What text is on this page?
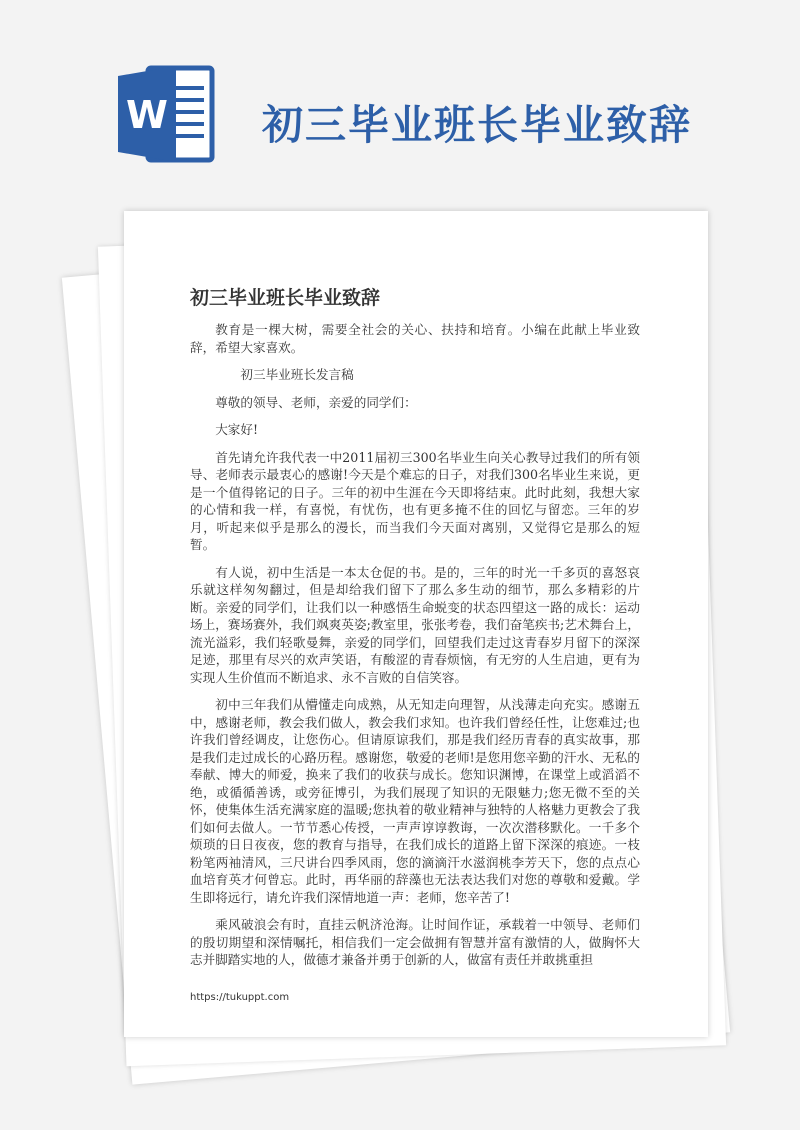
W 初三毕业班长毕业致辞
初三毕业班长毕业致辞

教育是一棵大树，需要全社会的关心、扶持和培育。小编在此献上毕业致辞，希望大家喜欢。

初三毕业班长发言稿

尊敬的领导、老师，亲爱的同学们：

大家好!

首先请允许我代表一中2011届初三300名毕业生向关心教导过我们的所有领导、老师表示最衷心的感谢!今天是个难忘的日子，对我们300名毕业生来说，更是一个值得铭记的日子。三年的初中生涯在今天即将结束。此时此刻，我想大家的心情和我一样，有喜悦，有忧伤，也有更多掩不住的回忆与留恋。三年的岁月，听起来似乎是那么的漫长，而当我们今天面对离别，又觉得它是那么的短暂。

有人说，初中生活是一本太仓促的书。是的，三年的时光一千多页的喜怒哀乐就这样匆匆翻过，但是却给我们留下了那么多生动的细节，那么多精彩的片断。亲爱的同学们，让我们以一种感悟生命蜕变的状态四望这一路的成长：运动场上，赛场赛外，我们飒爽英姿;教室里，张张考卷，我们奋笔疾书;艺术舞台上，流光溢彩，我们轻歌曼舞，亲爱的同学们，回望我们走过这青春岁月留下的深深足迹，那里有尽兴的欢声笑语，有酸涩的青春烦恼，有无穷的人生启迪，更有为实现人生价值而不断追求、永不言败的自信笑容。

初中三年我们从懵懂走向成熟，从无知走向理智，从浅薄走向充实。感谢五中，感谢老师，教会我们做人，教会我们求知。也许我们曾经任性，让您难过;也许我们曾经调皮，让您伤心。但请原谅我们，那是我们经历青春的真实故事，那是我们走过成长的心路历程。感谢您，敬爱的老师!是您用您辛勤的汗水、无私的奉献、博大的师爱，换来了我们的收获与成长。您知识渊博，在课堂上或滔滔不绝，或循循善诱，或旁征博引，为我们展现了知识的无限魅力;您无微不至的关怀，使集体生活充满家庭的温暖;您执着的敬业精神与独特的人格魅力更教会了我们如何去做人。一节节悉心传授，一声声谆谆教诲，一次次潜移默化。一千多个烦琐的日日夜夜，您的教育与指导，在我们成长的道路上留下深深的痕迹。一枝粉笔两袖清风，三尺讲台四季风雨，您的滴滴汗水滋润桃李芳天下，您的点点心血培育英才何曾忘。此时，再华丽的辞藻也无法表达我们对您的尊敬和爱戴。学生即将远行，请允许我们深情地道一声：老师，您辛苦了!

乘风破浪会有时，直挂云帆济沧海。让时间作证，承载着一中领导、老师们的殷切期望和深情嘱托，相信我们一定会做拥有智慧并富有激情的人，做胸怀大志并脚踏实地的人，做德才兼备并勇于创新的人，做富有责任并敢挑重担

https://tukuppt.com
